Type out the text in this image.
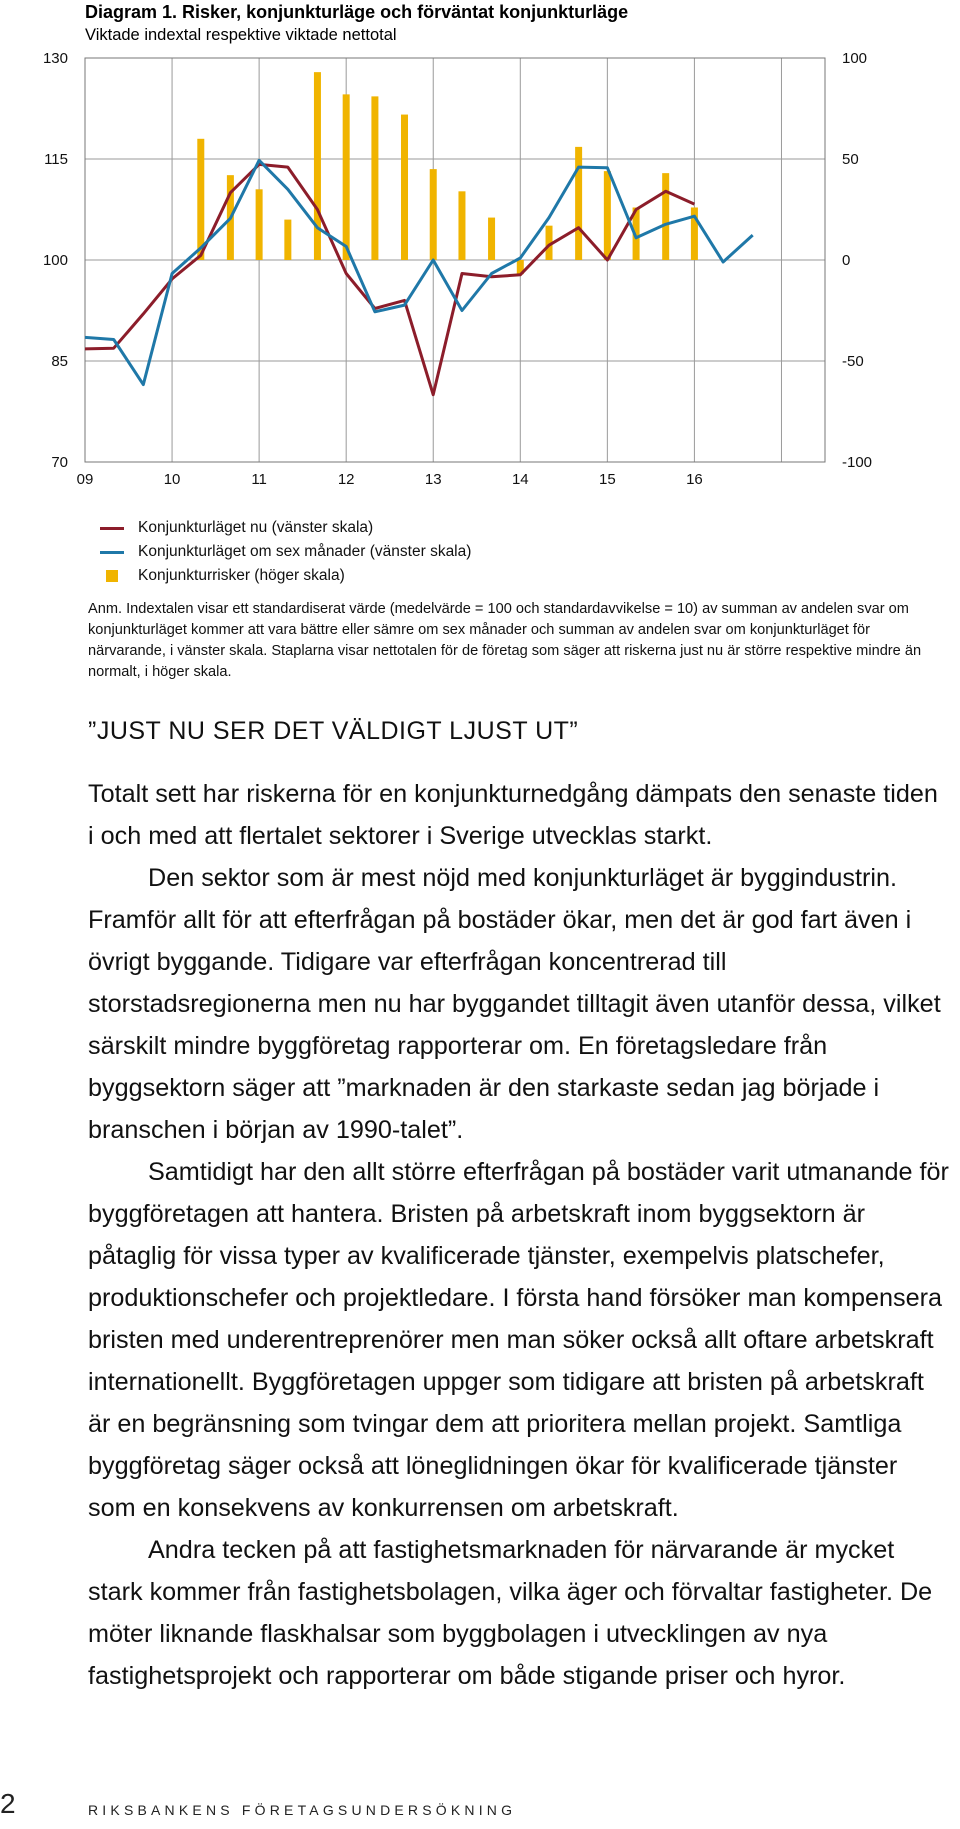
Diagram 1. Risker, konjunkturläge och förväntat konjunkturläge
Viktade indextal respektive viktade nettotal
130
115
100
85
70
100
50
0
-50
-100
09	10	11	12	13	14	15	16
Konjunkturläget nu (vänster skala)
Konjunkturläget om sex månader (vänster skala)
Konjunkturrisker (höger skala)
Anm. Indextalen visar ett standardiserat värde (medelvärde = 100 och standardavvikelse = 10) av summan av andelen svar om konjunkturläget kommer att vara bättre eller sämre om sex månader och summan av andelen svar om konjunkturläget för närvarande, i vänster skala. Staplarna visar nettotalen för de företag som säger att riskerna just nu är större respektive mindre än normalt, i höger skala.
”JUST NU SER DET VÄLDIGT LJUST UT”

Totalt sett har riskerna för en konjunkturnedgång dämpats den senaste tiden i och med att flertalet sektorer i Sverige utvecklas starkt.

Den sektor som är mest nöjd med konjunkturläget är byggindustrin. Framför allt för att efterfrågan på bostäder ökar, men det är god fart även i övrigt byggande. Tidigare var efterfrågan koncentrerad till storstadsregionerna men nu har byggandet tilltagit även utanför dessa, vilket särskilt mindre byggföretag rapporterar om. En företagsledare från byggsektorn säger att ”marknaden är den starkaste sedan jag började i branschen i början av 1990-talet”.

Samtidigt har den allt större efterfrågan på bostäder varit utmanande för byggföretagen att hantera. Bristen på arbetskraft inom byggsektorn är påtaglig för vissa typer av kvalificerade tjänster, exempelvis platschefer, produktionschefer och projektledare. I första hand försöker man kompensera bristen med underentreprenörer men man söker också allt oftare arbetskraft internationellt. Byggföretagen uppger som tidigare att bristen på arbetskraft är en begränsning som tvingar dem att prioritera mellan projekt. Samtliga byggföretag säger också att löneglidningen ökar för kvalificerade tjänster som en konsekvens av konkurrensen om arbetskraft.

Andra tecken på att fastighetsmarknaden för närvarande är mycket stark kommer från fastighetsbolagen, vilka äger och förvaltar fastigheter. De möter liknande flaskhalsar som byggbolagen i utvecklingen av nya fastighetsprojekt och rapporterar om både stigande priser och hyror.

2	RIKSBANKENS FÖRETAGSUNDERSÖKNING
